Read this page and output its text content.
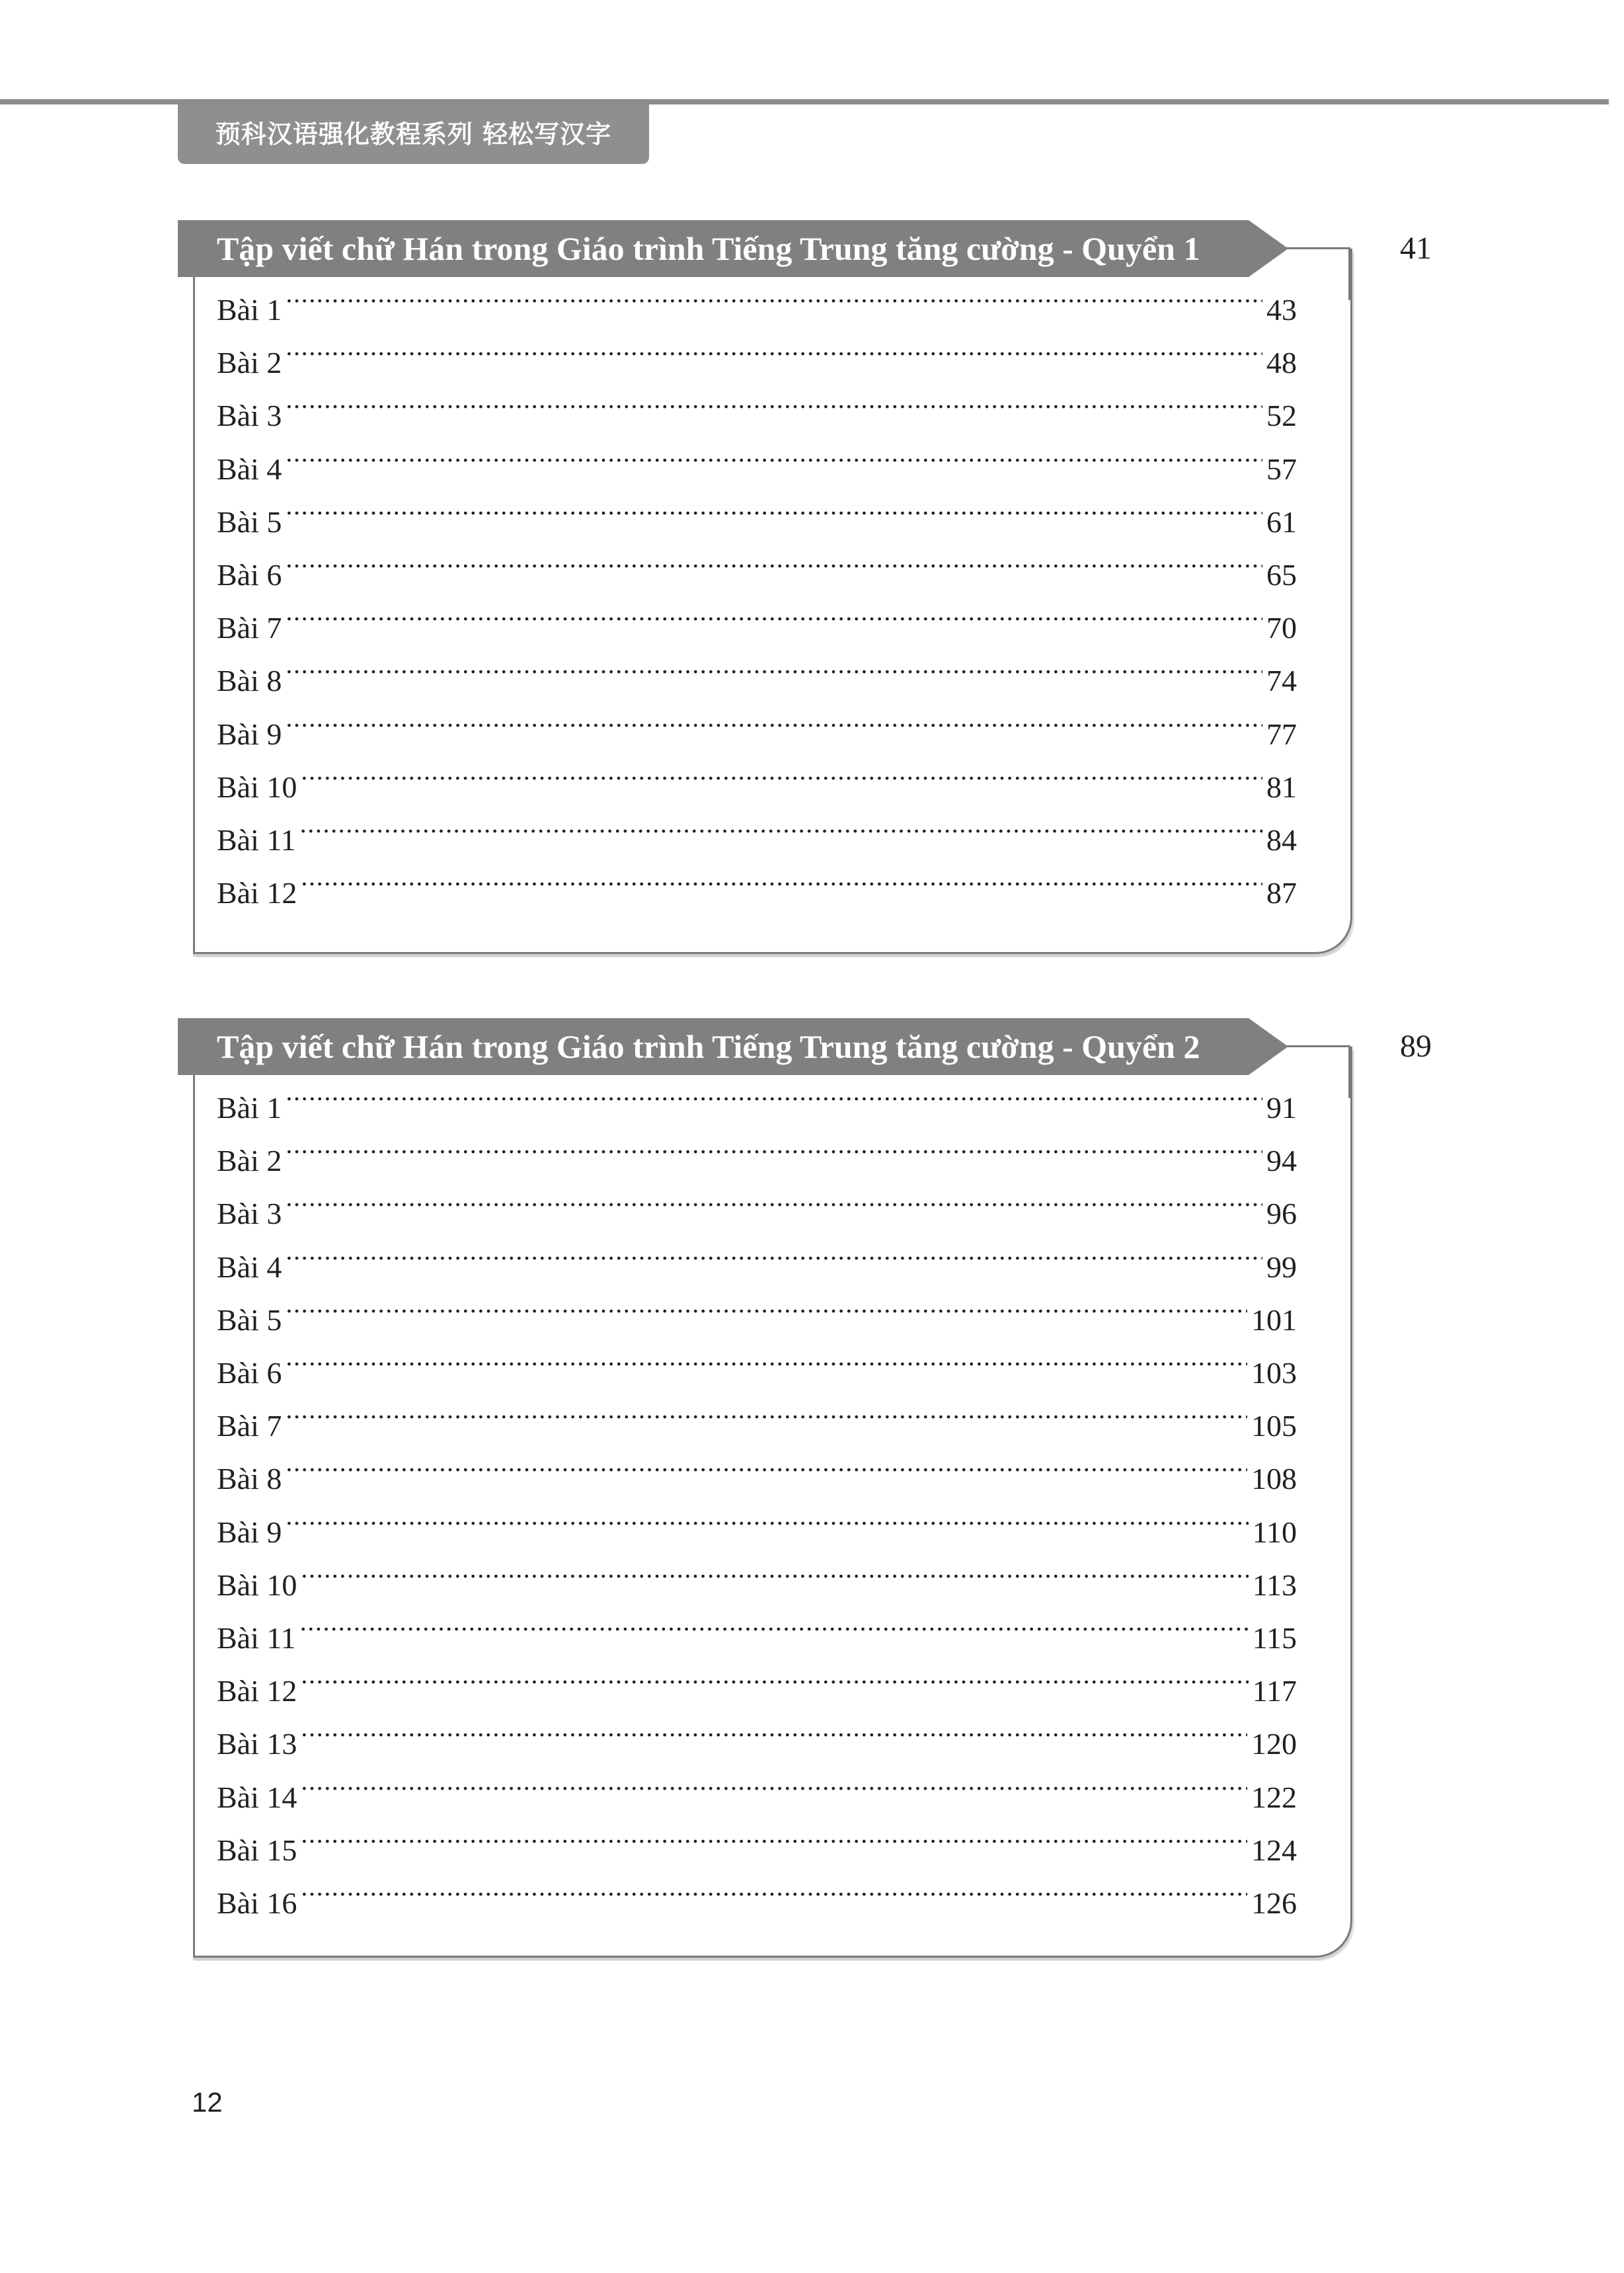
预科汉语强化教程系列 轻松写汉字
Tập viết chữ Hán trong Giáo trình Tiếng Trung tăng cường - Quyển 1	41
Bài 1 .....	43
Bài 2 .....	48
Bài 3 .....	52
Bài 4 .....	57
Bài 5 .....	61
Bài 6 .....	65
Bài 7 .....	70
Bài 8 .....	74
Bài 9 .....	77
Bài 10 .....	81
Bài 11 .....	84
Bài 12 .....	87
Tập viết chữ Hán trong Giáo trình Tiếng Trung tăng cường - Quyển 2	89
Bài 1 .....	91
Bài 2 .....	94
Bài 3 .....	96
Bài 4 .....	99
Bài 5 .....	101
Bài 6 .....	103
Bài 7 .....	105
Bài 8 .....	108
Bài 9 .....	110
Bài 10 .....	113
Bài 11 .....	115
Bài 12 .....	117
Bài 13 .....	120
Bài 14 .....	122
Bài 15 .....	124
Bài 16 .....	126
12
